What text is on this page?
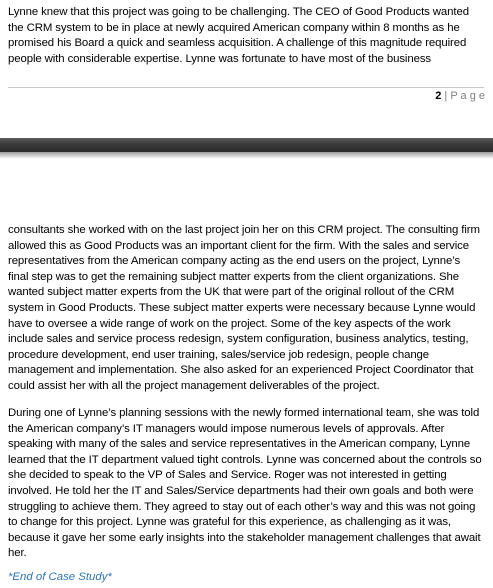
Lynne knew that this project was going to be challenging. The CEO of Good Products wanted the CRM system to be in place at newly acquired American company within 8 months as he promised his Board a quick and seamless acquisition. A challenge of this magnitude required people with considerable expertise. Lynne was fortunate to have most of the business

2 | P a g e

consultants she worked with on the last project join her on this CRM project. The consulting firm allowed this as Good Products was an important client for the firm. With the sales and service representatives from the American company acting as the end users on the project, Lynne’s final step was to get the remaining subject matter experts from the client organizations. She wanted subject matter experts from the UK that were part of the original rollout of the CRM system in Good Products. These subject matter experts were necessary because Lynne would have to oversee a wide range of work on the project. Some of the key aspects of the work include sales and service process redesign, system configuration, business analytics, testing, procedure development, end user training, sales/service job redesign, people change management and implementation. She also asked for an experienced Project Coordinator that could assist her with all the project management deliverables of the project.

During one of Lynne’s planning sessions with the newly formed international team, she was told the American company’s IT managers would impose numerous levels of approvals. After speaking with many of the sales and service representatives in the American company, Lynne learned that the IT department valued tight controls. Lynne was concerned about the controls so she decided to speak to the VP of Sales and Service. Roger was not interested in getting involved. He told her the IT and Sales/Service departments had their own goals and both were struggling to achieve them. They agreed to stay out of each other’s way and this was not going to change for this project. Lynne was grateful for this experience, as challenging as it was, because it gave her some early insights into the stakeholder management challenges that await her.

*End of Case Study*
